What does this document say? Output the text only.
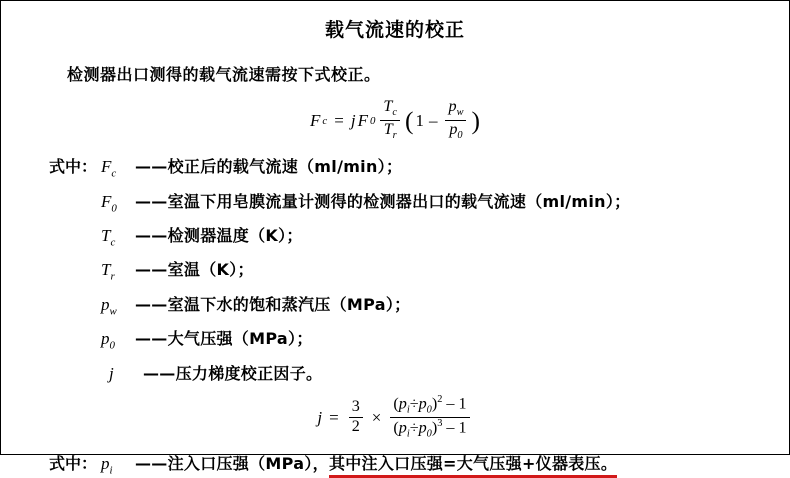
载气流速的校正
检测器出口测得的载气流速需按下式校正。
F c = j F $0 \frac{T_c}{T_r}$ ( $1 - \frac{p_w}{p_0}$ )
式中： $F_c$	—— 校正后的载气流速（ml/min）；
$F_0$	—— 室温下用皂膜流量计测得的检测器出口的载气流速（ml/min）；
$T_c$	—— 检测器温度（K）；
$T_r$	—— 室温（K）；
$p_w$	—— 室温下水的饱和蒸汽压（MPa）；
$p_0$	—— 大气压强（MPa）；
j	—— 压力梯度校正因子。
$j = \frac{3}{2} \times \frac{(p_i\div p_0)^2 - 1}{(p_i\div p_0)^3 - 1}$
式中： $p_i$	—— 注入口压强（MPa）， 其中注入口压强=大气压强+仪器表压。
